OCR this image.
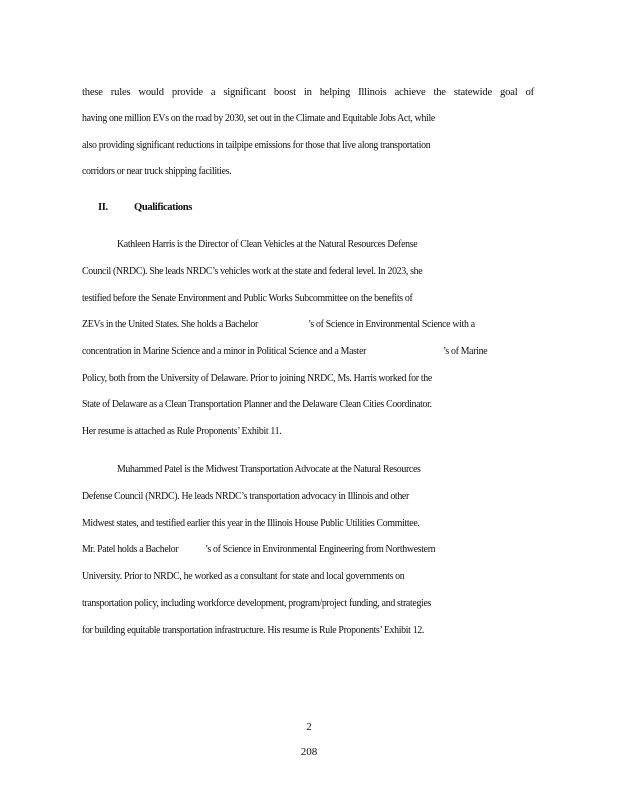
these rules would provide a significant boost in helping Illinois achieve the statewide goal of
having one million EVs on the road by 2030, set out in the Climate and Equitable Jobs Act, while
also providing significant reductions in tailpipe emissions for those that live along transportation
corridors or near truck shipping facilities.
II. Qualifications
Kathleen Harris is the Director of Clean Vehicles at the Natural Resources Defense
Council (NRDC). She leads NRDC’s vehicles work at the state and federal level. In 2023, she
testified before the Senate Environment and Public Works Subcommittee on the benefits of
ZEVs in the United States. She holds a Bachelor	’s of Science in Environmental Science with a
concentration in Marine Science and a minor in Political Science and a Master	’s of Marine
Policy, both from the University of Delaware. Prior to joining NRDC, Ms. Harris worked for the
State of Delaware as a Clean Transportation Planner and the Delaware Clean Cities Coordinator.
Her resume is attached as Rule Proponents’ Exhibit 11.
Muhammed Patel is the Midwest Transportation Advocate at the Natural Resources
Defense Council (NRDC). He leads NRDC’s transportation advocacy in Illinois and other
Midwest states, and testified earlier this year in the Illinois House Public Utilities Committee.
Mr. Patel holds a Bachelor	’s of Science in Environmental Engineering from Northwestern
University. Prior to NRDC, he worked as a consultant for state and local governments on
transportation policy, including workforce development, program/project funding, and strategies
for building equitable transportation infrastructure. His resume is Rule Proponents’ Exhibit 12.
2
208
